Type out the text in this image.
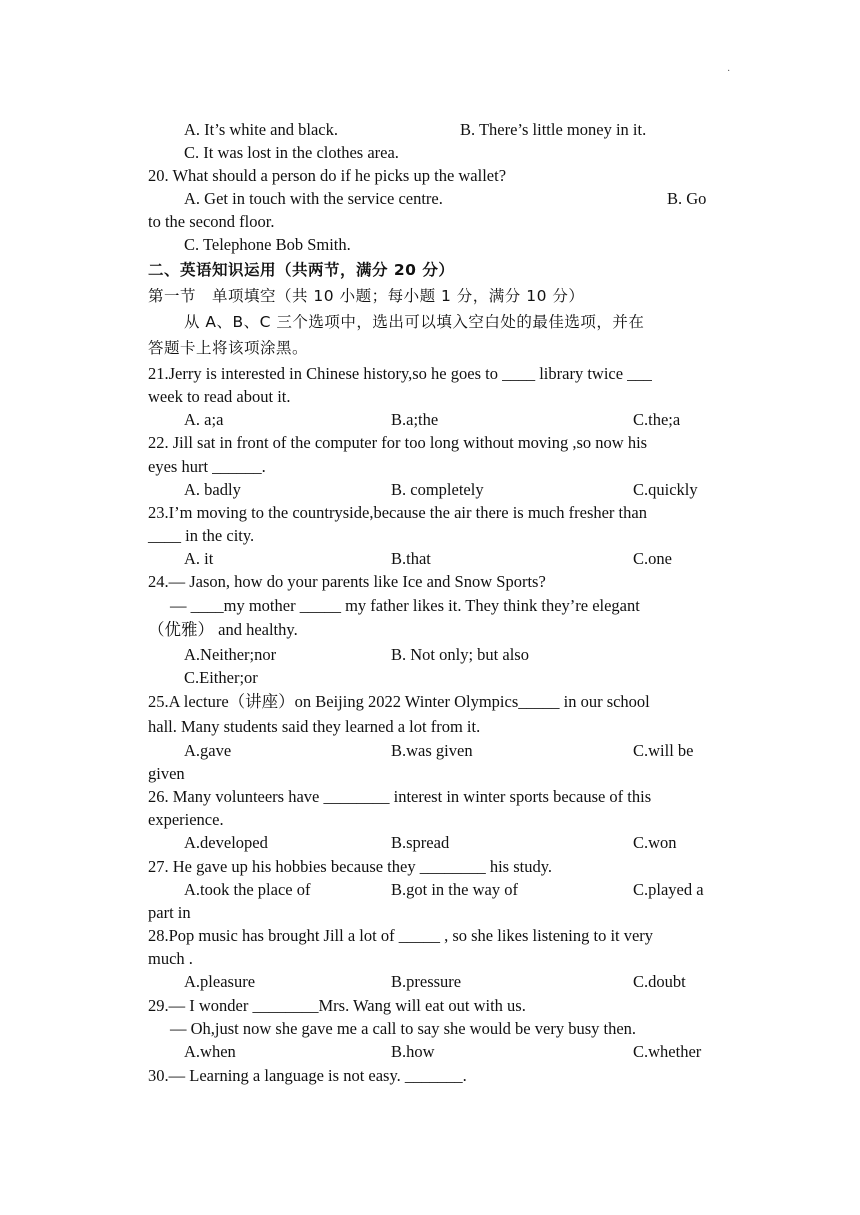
·
A. It’s white and black.	B. There’s little money in it.
C. It was lost in the clothes area.
20. What should a person do if he picks up the wallet?
A. Get in touch with the service centre.	B. Go
to the second floor.
C. Telephone Bob Smith.
二、英语知识运用（共两节，满分 20 分）
第一节　单项填空（共 10 小题；每小题 1 分，满分 10 分）
从 A、B、C 三个选项中，选出可以填入空白处的最佳选项，并在
答题卡上将该项涂黑。
21.Jerry is interested in Chinese history,so he goes to ____ library twice ___
week to read about it.
A. a;a	B.a;the	C.the;a
22. Jill sat in front of the computer for too long without moving ,so now his
eyes hurt ______.
A. badly	B. completely	C.quickly
23.I’m moving to the countryside,because the air there is much fresher than
____ in the city.
A. it	B.that	C.one
24.— Jason, how do your parents like Ice and Snow Sports?
— ____my mother _____ my father likes it. They think they’re elegant
（优雅） and healthy.
A.Neither;nor	B. Not only; but also
C.Either;or
25.A lecture（讲座）on Beijing 2022 Winter Olympics_____ in our school
hall. Many students said they learned a lot from it.
A.gave	B.was given	C.will be
given
26. Many volunteers have ________ interest in winter sports because of this
experience.
A.developed	B.spread	C.won
27. He gave up his hobbies because they ________ his study.
A.took the place of	B.got in the way of	C.played a
part in
28.Pop music has brought Jill a lot of _____ , so she likes listening to it very
much .
A.pleasure	B.pressure	C.doubt
29.— I wonder ________Mrs. Wang will eat out with us.
— Oh,just now she gave me a call to say she would be very busy then.
A.when	B.how	C.whether
30.— Learning a language is not easy. _______.
